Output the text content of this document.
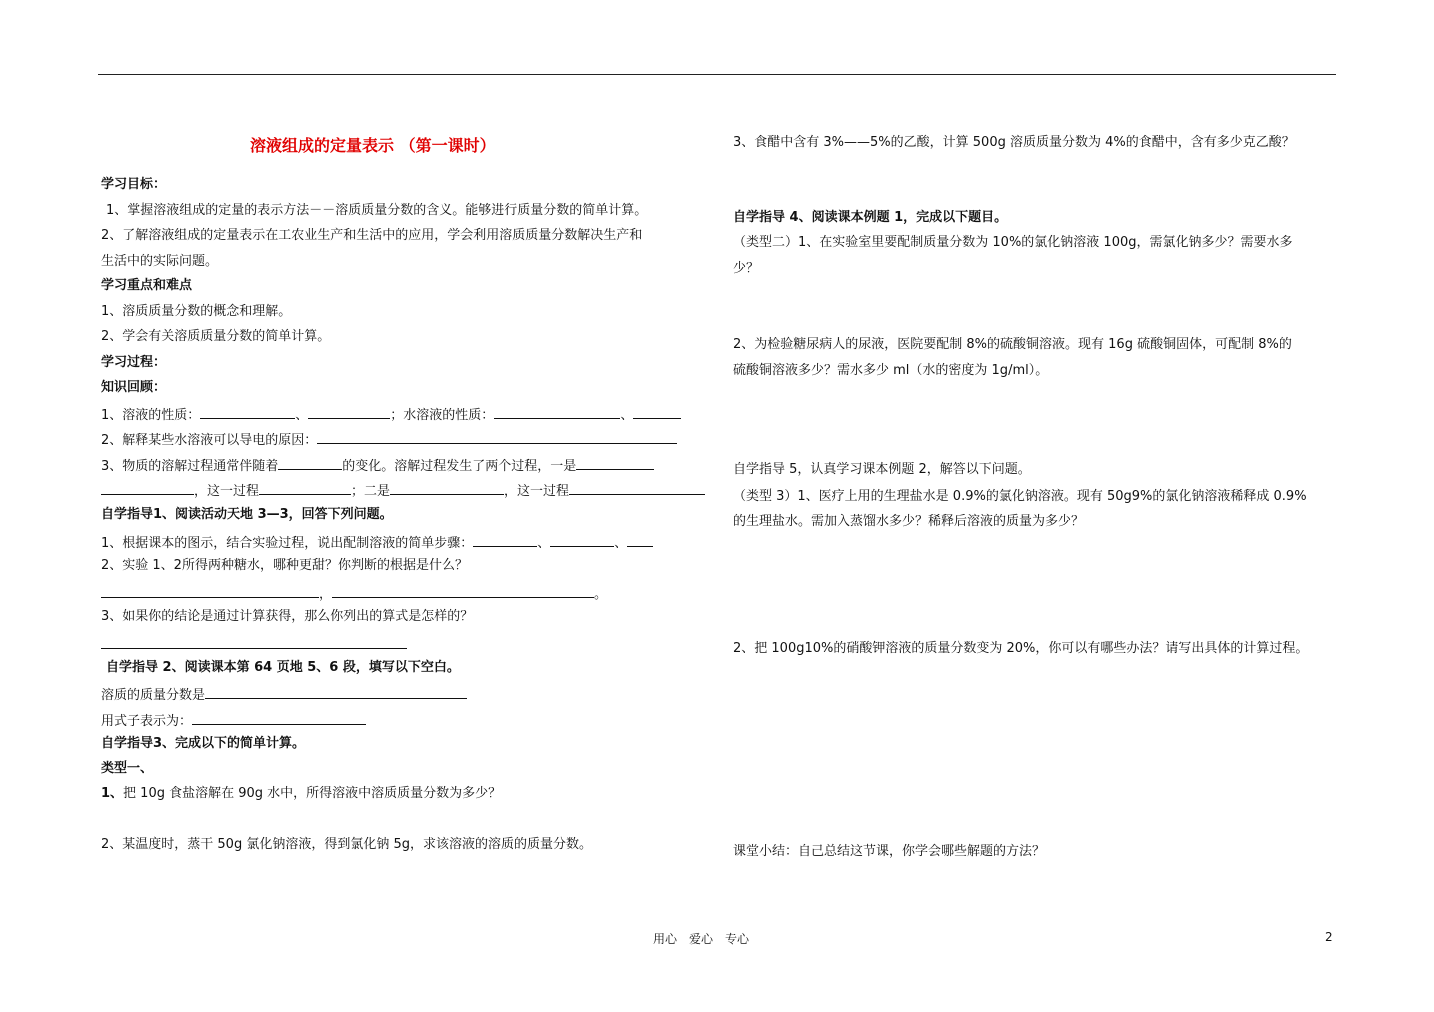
溶液组成的定量表示 （第一课时）
学习目标：
1、掌握溶液组成的定量的表示方法－－溶质质量分数的含义。能够进行质量分数的简单计算。
2、了解溶液组成的定量表示在工农业生产和生活中的应用，学会利用溶质质量分数解决生产和
生活中的实际问题。
学习重点和难点
1、溶质质量分数的概念和理解。
2、学会有关溶质质量分数的简单计算。
学习过程：
知识回顾：
1、溶液的性质：	、	；水溶液的性质：	、
2、解释某些水溶液可以导电的原因：
3、物质的溶解过程通常伴随着	的变化。溶解过程发生了两个过程，一是
，这一过程	；二是	，这一过程
自学指导1、阅读活动天地 3—3，回答下列问题。
1、根据课本的图示，结合实验过程，说出配制溶液的简单步骤：	、	、
2、实验 1、2所得两种糖水，哪种更甜？你判断的根据是什么？
，	。
3、如果你的结论是通过计算获得，那么你列出的算式是怎样的？
自学指导 2、阅读课本第 64 页地 5、6 段，填写以下空白。
溶质的质量分数是
用式子表示为：
自学指导3、完成以下的简单计算。
类型一、
1、把 10g 食盐溶解在 90g 水中，所得溶液中溶质质量分数为多少？
2、某温度时，蒸干 50g 氯化钠溶液，得到氯化钠 5g，求该溶液的溶质的质量分数。
3、食醋中含有 3%——5%的乙酸，计算 500g 溶质质量分数为 4%的食醋中，含有多少克乙酸？
自学指导 4、阅读课本例题 1，完成以下题目。
（类型二）1、在实验室里要配制质量分数为 10%的氯化钠溶液 100g，需氯化钠多少？需要水多
少？
2、为检验糖尿病人的尿液，医院要配制 8%的硫酸铜溶液。现有 16g 硫酸铜固体，可配制 8%的
硫酸铜溶液多少？需水多少 ml（水的密度为 1g/ml）。
自学指导 5，认真学习课本例题 2，解答以下问题。
（类型 3）1、医疗上用的生理盐水是 0.9%的氯化钠溶液。现有 50g9%的氯化钠溶液稀释成 0.9%
的生理盐水。需加入蒸馏水多少？稀释后溶液的质量为多少？
2、把 100g10%的硝酸钾溶液的质量分数变为 20%，你可以有哪些办法？请写出具体的计算过程。
课堂小结：自己总结这节课，你学会哪些解题的方法？
用心　爱心　专心	2
